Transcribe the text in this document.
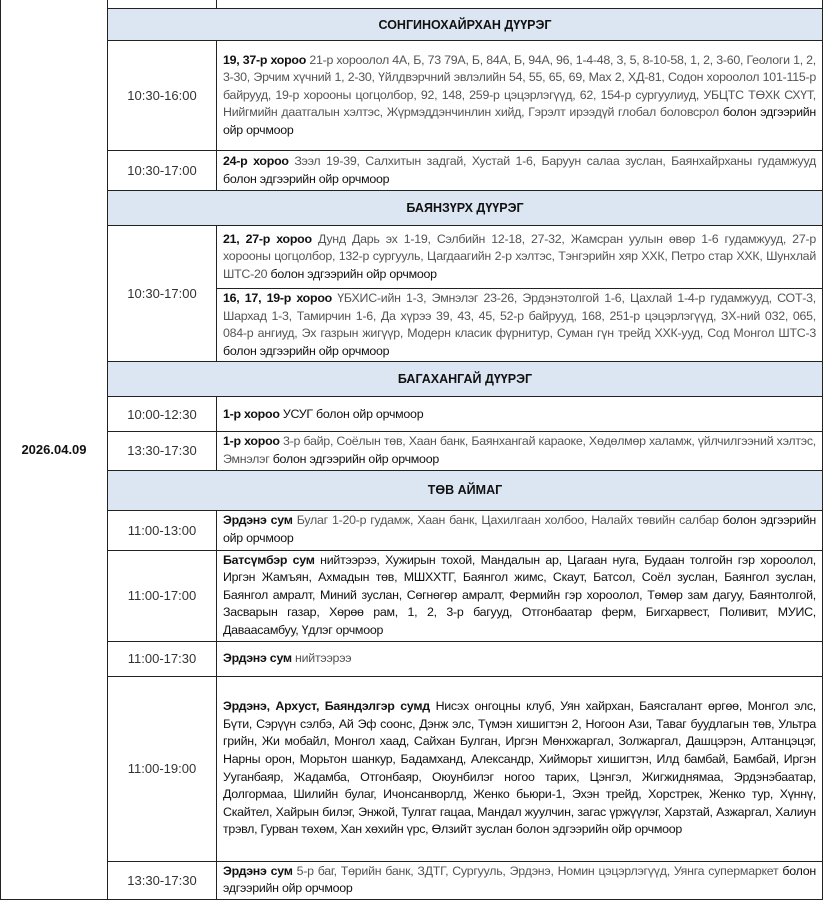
2026.04.09		
	СОНГИНОХАЙРХАН ДҮҮРЭГ	
	10:30-16:00	19, 37-р хороо 21-р хороолол 4А, Б, 73 79А, Б, 84А, Б, 94А, 96, 1-4-48, 3, 5, 8-10-58, 1, 2, 3-60, Геологи 1, 2, 3-30, Эрчим хүчний 1, 2-30, Үйлдвэрчний эвлэлийн 54, 55, 65, 69, Мах 2, ХД-81, Содон хороолол 101-115-р байрууд, 19-р хорооны цогцолбор, 92, 148, 259-р цэцэрлэгүүд, 62, 154-р сургуулиуд, УБЦТС ТӨХК СХҮТ, Нийгмийн даатгалын хэлтэс, Жүрмэддэнчинлин хийд, Гэрэлт ирээдүй глобал боловсрол болон эдгээрийн ойр орчмоор
	10:30-17:00	24-р хороо Зээл 19-39, Салхитын задгай, Хустай 1-6, Баруун салаа зуслан, Баянхайрханы гудамжууд болон эдгээрийн ойр орчмоор
	БАЯНЗҮРХ ДҮҮРЭГ	
	10:30-17:00	21, 27-р хороо Дунд Дарь эх 1-19, Сэлбийн 12-18, 27-32, Жамсран уулын өвөр 1-6 гудамжууд, 27-р хорооны цогцолбор, 132-р сургууль, Цагдаагийн 2-р хэлтэс, Тэнгэрийн хяр ХХК, Петро стар ХХК, Шунхлай ШТС-20 болон эдгээрийн ойр орчмоор
		16, 17, 19-р хороо ҮБХИС-ийн 1-3, Эмнэлэг 23-26, Эрдэнэтолгой 1-6, Цахлай 1-4-р гудамжууд, СОТ-3, Шархад 1-3, Тамирчин 1-6, Да хүрээ 39, 43, 45, 52-р байрууд, 168, 251-р цэцэрлэгүүд, ЗХ-ний 032, 065, 084-р ангиуд, Эх газрын жигүүр, Модерн класик фүрнитур, Суман гүн трейд ХХК-ууд, Сод Монгол ШТС-3 болон эдгээрийн ойр орчмоор
	БАГАХАНГАЙ ДҮҮРЭГ	
	10:00-12:30	1-р хороо УСУГ болон ойр орчмоор
	13:30-17:30	1-р хороо 3-р байр, Соёлын төв, Хаан банк, Баянхангай караоке, Хөдөлмөр халамж, үйлчилгээний хэлтэс, Эмнэлэг болон эдгээрийн ойр орчмоор
	ТӨВ АЙМАГ	
	11:00-13:00	Эрдэнэ сум Булаг 1-20-р гудамж, Хаан банк, Цахилгаан холбоо, Налайх төвийн салбар болон эдгээрийн ойр орчмоор
	11:00-17:00	Батсүмбэр сум нийтээрээ, Хужирын тохой, Мандалын ар, Цагаан нуга, Будаан толгойн гэр хороолол, Иргэн Жамъян, Ахмадын төв, МШХХТГ, Баянгол жимс, Скаут, Батсол, Соёл зуслан, Баянгол зуслан, Баянгол амралт, Миний зуслан, Сөгнөгөр амралт, Фермийн гэр хороолол, Төмөр зам дагуу, Баянтолгой, Засварын газар, Хөрөө рам, 1, 2, 3-р багууд, Отгонбаатар ферм, Бигхарвест, Поливит, МУИС, Даваасамбуу, Үдлэг орчмоор
	11:00-17:30	Эрдэнэ сум нийтээрээ
	11:00-19:00	Эрдэнэ, Архуст, Баяндэлгэр сумд Нисэх онгоцны клуб, Уян хайрхан, Баясгалант өргөө, Монгол элс, Бүти, Сэрүүн сэлбэ, Ай Эф соонс, Дэнж элс, Түмэн хишигтэн 2, Ногоон Ази, Таваг буудлагын төв, Ультра грийн, Жи мобайл, Монгол хаад, Сайхан Булган, Иргэн Мөнхжаргал, Золжаргал, Дашцэрэн, Алтанцэцэг, Нарны орон, Морьтон шанкур, Бадамханд, Александр, Хийморьт хишигтэн, Илд бамбай, Бамбай, Иргэн Ууганбаяр, Жадамба, Отгонбаяр, Оюунбилэг ногоо тарих, Цэнгэл, Жигжиднямаа, Эрдэнэбаатар, Долгормаа, Шилийн булаг, Ичонсанворлд, Женко бьюри-1, Эхэн трейд, Хорстрек, Женко тур, Хүннү, Скайтел, Хайрын билэг, Энжой, Тулгат гацаа, Мандал жуулчин, загас үржүүлэг, Харзтай, Азжаргал, Халиун трэвл, Гурван төхөм, Хан хөхийн үрс, Өлзийт зуслан болон эдгээрийн ойр орчмоор
	13:30-17:30	Эрдэнэ сум 5-р баг, Төрийн банк, ЗДТГ, Сургууль, Эрдэнэ, Номин цэцэрлэгүүд, Уянга супермаркет болон эдгээрийн ойр орчмоор
